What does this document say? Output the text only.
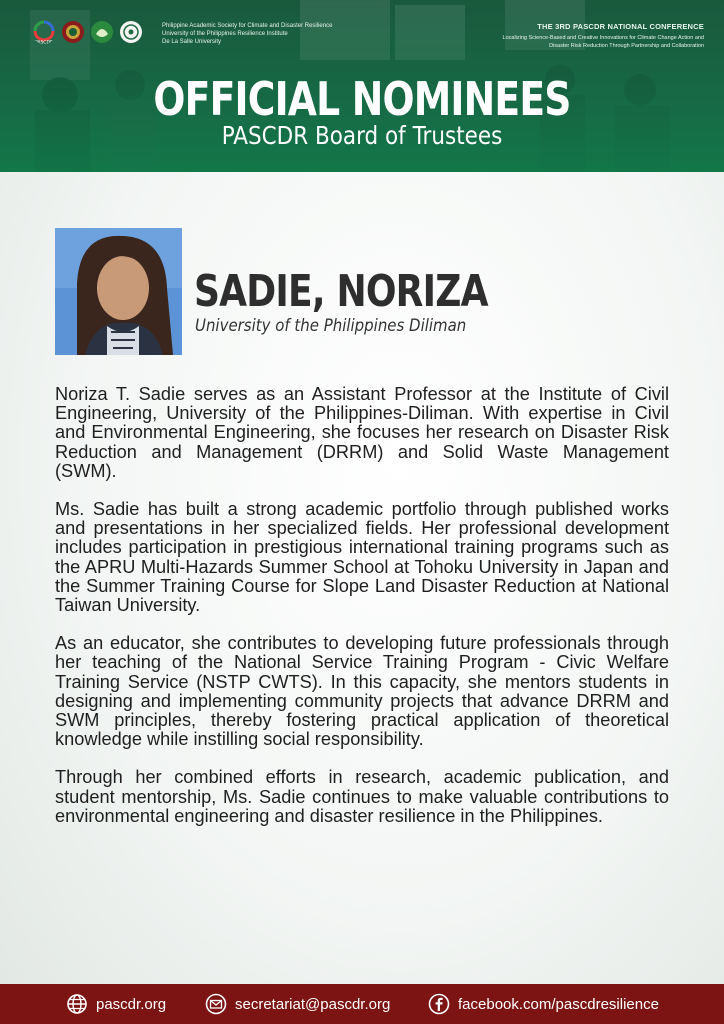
PASCDR
Philippine Academic Society for Climate and Disaster Resilience
University of the Philippines Resilience Institute
De La Salle University
THE 3RD PASCDR NATIONAL CONFERENCE
Localizing Science-Based and Creative Innovations for Climate Change Action and
Disaster Risk Reduction Through Partnership and Collaboration
OFFICIAL NOMINEES
PASCDR Board of Trustees
SADIE, NORIZA
University of the Philippines Diliman

Noriza T. Sadie serves as an Assistant Professor at the Institute of Civil Engineering, University of the Philippines-Diliman. With expertise in Civil and Environmental Engineering, she focuses her research on Disaster Risk Reduction and Management (DRRM) and Solid Waste Management (SWM).

Ms. Sadie has built a strong academic portfolio through published works and presentations in her specialized fields. Her professional development includes participation in prestigious international training programs such as the APRU Multi-Hazards Summer School at Tohoku University in Japan and the Summer Training Course for Slope Land Disaster Reduction at National Taiwan University.

As an educator, she contributes to developing future professionals through her teaching of the National Service Training Program - Civic Welfare Training Service (NSTP CWTS). In this capacity, she mentors students in designing and implementing community projects that advance DRRM and SWM principles, thereby fostering practical application of theoretical knowledge while instilling social responsibility.

Through her combined efforts in research, academic publication, and student mentorship, Ms. Sadie continues to make valuable contributions to environmental engineering and disaster resilience in the Philippines.

pascdr.org	secretariat@pascdr.org	facebook.com/pascdresilience
